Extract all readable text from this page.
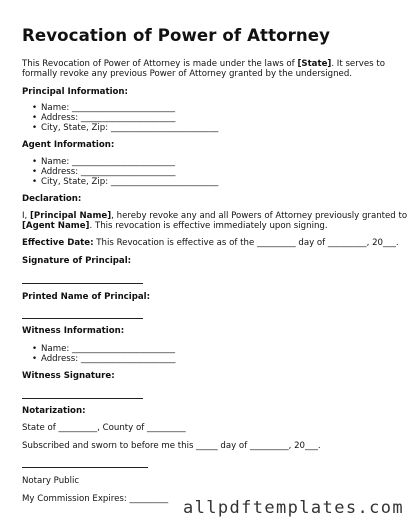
Revocation of Power of Attorney
This Revocation of Power of Attorney is made under the laws of [State]. It serves to
formally revoke any previous Power of Attorney granted by the undersigned.
Principal Information:
• Name: ________________________
• Address: ______________________
• City, State, Zip: _________________________
Agent Information:
• Name: ________________________
• Address: ______________________
• City, State, Zip: _________________________
Declaration:
I, [Principal Name], hereby revoke any and all Powers of Attorney previously granted to
[Agent Name]. This revocation is effective immediately upon signing.
Effective Date: This Revocation is effective as of the _________ day of _________, 20___.
Signature of Principal:
Printed Name of Principal:
Witness Information:
• Name: ________________________
• Address: ______________________
Witness Signature:
Notarization:
State of _________, County of _________
Subscribed and sworn to before me this _____ day of _________, 20___.
Notary Public
My Commission Expires: _________ allpdftemplates.com
